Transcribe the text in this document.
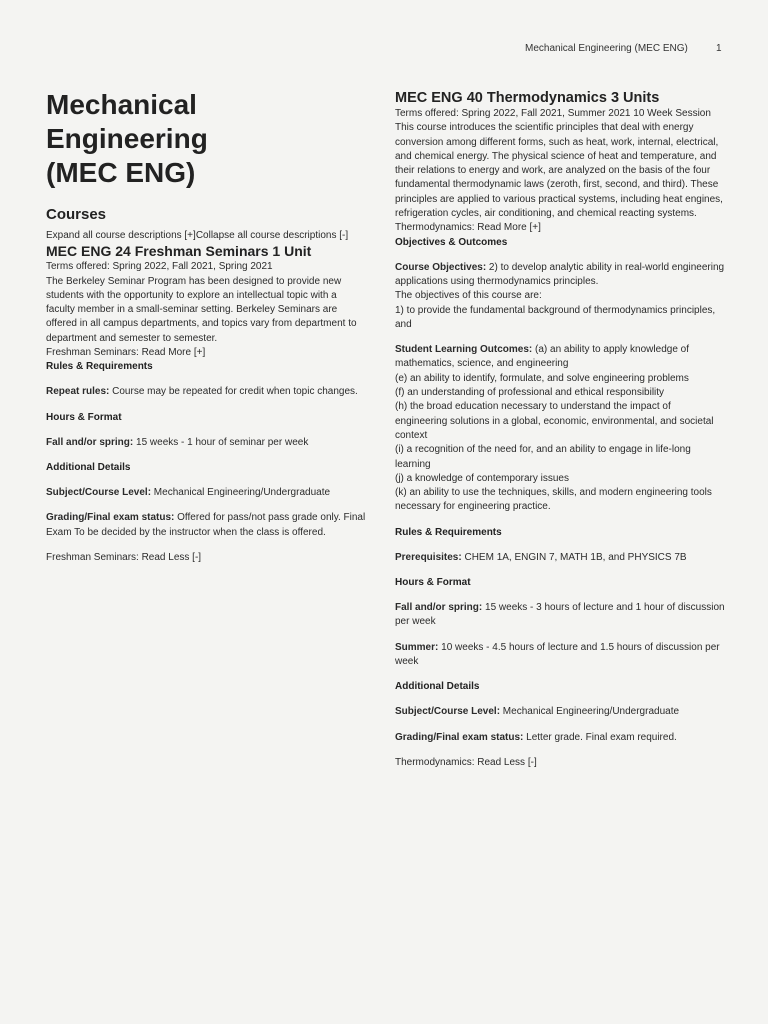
Mechanical Engineering (MEC ENG)	1
Mechanical Engineering
(MEC ENG)
Courses

Expand all course descriptions [+]Collapse all course descriptions [-]

MEC ENG 24 Freshman Seminars 1 Unit

Terms offered: Spring 2022, Fall 2021, Spring 2021

The Berkeley Seminar Program has been designed to provide new students with the opportunity to explore an intellectual topic with a faculty member in a small-seminar setting. Berkeley Seminars are offered in all campus departments, and topics vary from department to department and semester to semester.

Freshman Seminars: Read More [+]

Rules & Requirements

Repeat rules: Course may be repeated for credit when topic changes.

Hours & Format

Fall and/or spring: 15 weeks - 1 hour of seminar per week

Additional Details

Subject/Course Level: Mechanical Engineering/Undergraduate

Grading/Final exam status: Offered for pass/not pass grade only. Final Exam To be decided by the instructor when the class is offered.

Freshman Seminars: Read Less [-]

MEC ENG 40 Thermodynamics 3 Units

Terms offered: Spring 2022, Fall 2021, Summer 2021 10 Week Session

This course introduces the scientific principles that deal with energy conversion among different forms, such as heat, work, internal, electrical, and chemical energy. The physical science of heat and temperature, and their relations to energy and work, are analyzed on the basis of the four fundamental thermodynamic laws (zeroth, first, second, and third). These principles are applied to various practical systems, including heat engines, refrigeration cycles, air conditioning, and chemical reacting systems.

Thermodynamics: Read More [+]

Objectives & Outcomes

Course Objectives: 2) to develop analytic ability in real-world engineering applications using thermodynamics principles.

The objectives of this course are:

1) to provide the fundamental background of thermodynamics principles, and

Student Learning Outcomes: (a) an ability to apply knowledge of mathematics, science, and engineering

(e) an ability to identify, formulate, and solve engineering problems

(f) an understanding of professional and ethical responsibility

(h) the broad education necessary to understand the impact of engineering solutions in a global, economic, environmental, and societal context

(i) a recognition of the need for, and an ability to engage in life-long learning

(j) a knowledge of contemporary issues

(k) an ability to use the techniques, skills, and modern engineering tools necessary for engineering practice.

Rules & Requirements

Prerequisites: CHEM 1A, ENGIN 7, MATH 1B, and PHYSICS 7B

Hours & Format

Fall and/or spring: 15 weeks - 3 hours of lecture and 1 hour of discussion per week

Summer: 10 weeks - 4.5 hours of lecture and 1.5 hours of discussion per week

Additional Details

Subject/Course Level: Mechanical Engineering/Undergraduate

Grading/Final exam status: Letter grade. Final exam required.

Thermodynamics: Read Less [-]
